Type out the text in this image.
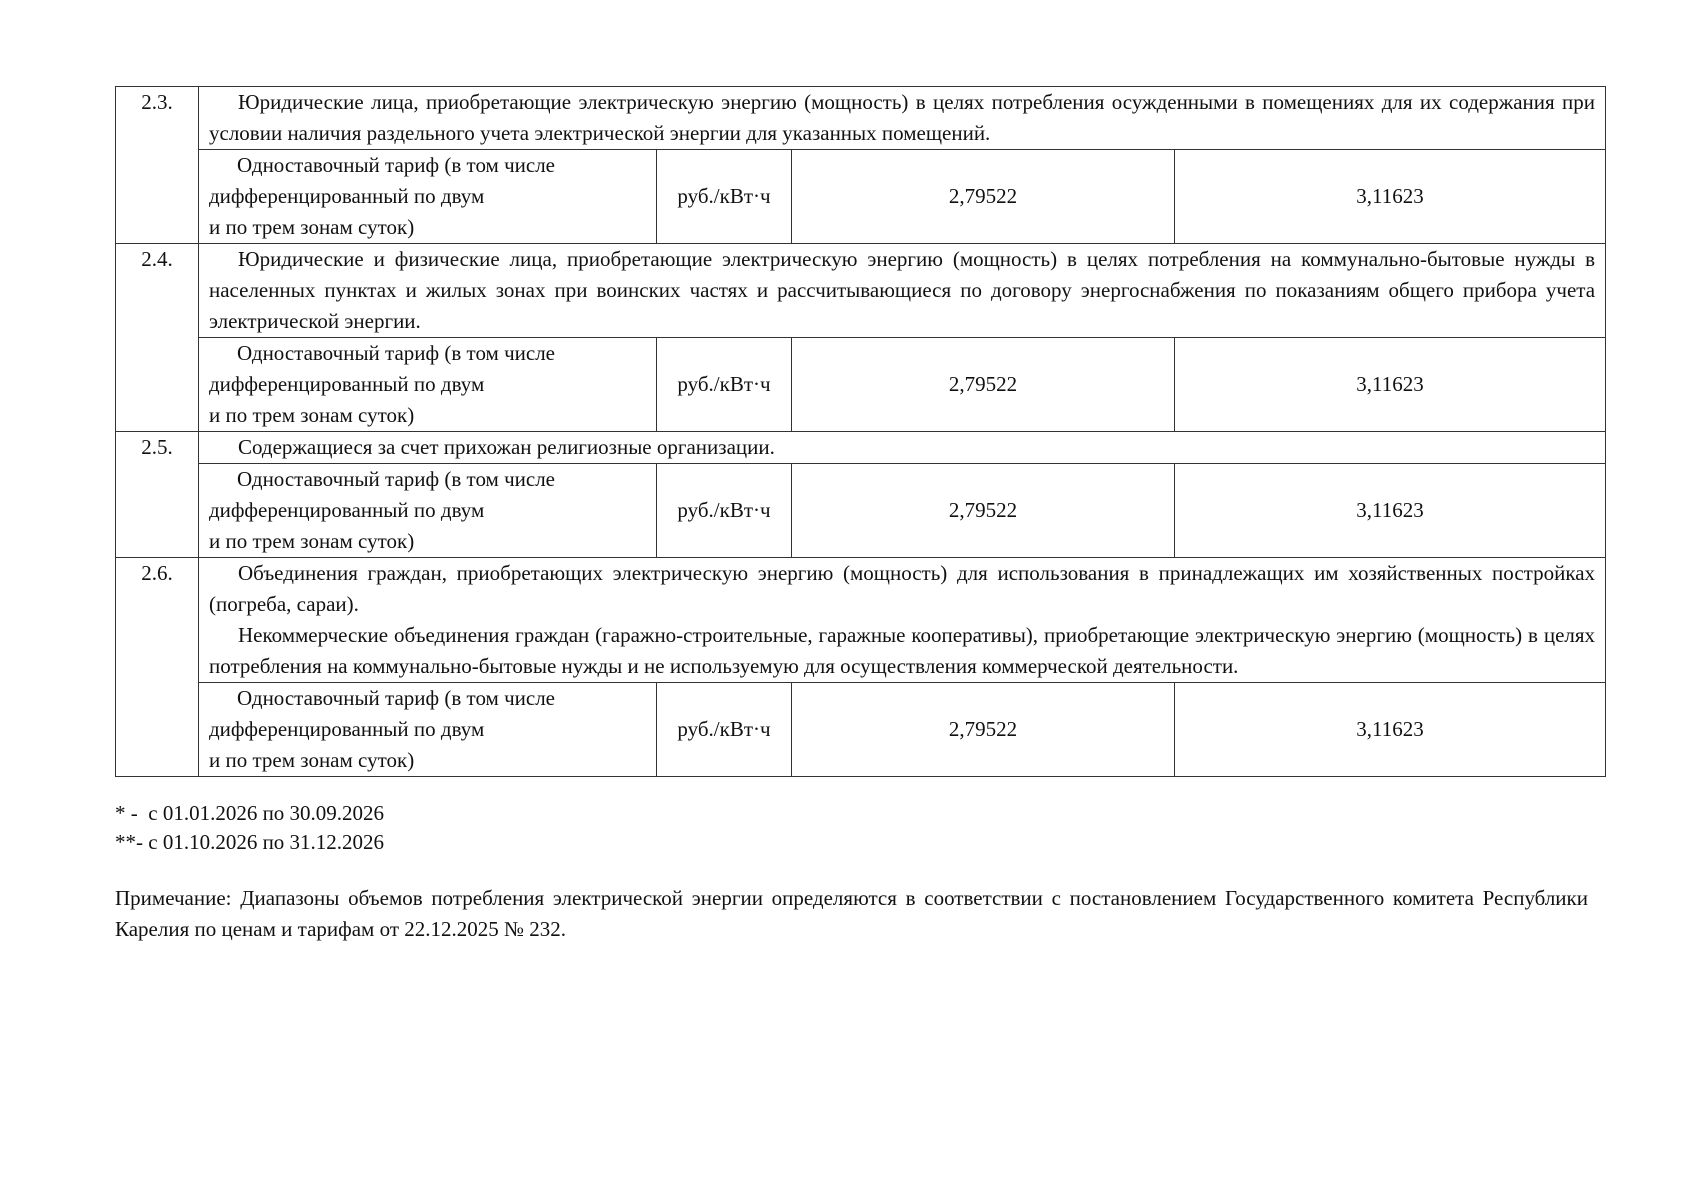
2.3.	Юридические лица, приобретающие электрическую энергию (мощность) в целях потребления осужденными в помещениях для их содержания при условии наличия раздельного учета электрической энергии для указанных помещений.			

	Одноставочный тариф (в том числе
дифференцированный по двум
и по трем зонам суток)	руб./кВт·ч	2,79522	3,11623
2.4.	Юридические и физические лица, приобретающие электрическую энергию (мощность) в целях потребления на коммунально-бытовые нужды в населенных пунктах и жилых зонах при воинских частях и рассчитывающиеся по договору энергоснабжения по показаниям общего прибора учета электрической энергии.			

	Одноставочный тариф (в том числе
дифференцированный по двум
и по трем зонам суток)	руб./кВт·ч	2,79522	3,11623
2.5.	Содержащиеся за счет прихожан религиозные организации.			

	Одноставочный тариф (в том числе
дифференцированный по двум
и по трем зонам суток)	руб./кВт·ч	2,79522	3,11623
2.6.	Объединения граждан, приобретающих электрическую энергию (мощность) для использования в принадлежащих им хозяйственных постройках (погреба, сараи).

Некоммерческие объединения граждан (гаражно-строительные, гаражные кооперативы), приобретающие электрическую энергию (мощность) в целях потребления на коммунально-бытовые нужды и не используемую для осуществления коммерческой деятельности.			

	Одноставочный тариф (в том числе
дифференцированный по двум
и по трем зонам суток)	руб./кВт·ч	2,79522	3,11623
* -  с 01.01.2026 по 30.09.2026
**- с 01.10.2026 по 31.12.2026
Примечание: Диапазоны объемов потребления электрической энергии определяются в соответствии с постановлением Государственного комитета Республики Карелия по ценам и тарифам от 22.12.2025 № 232.
